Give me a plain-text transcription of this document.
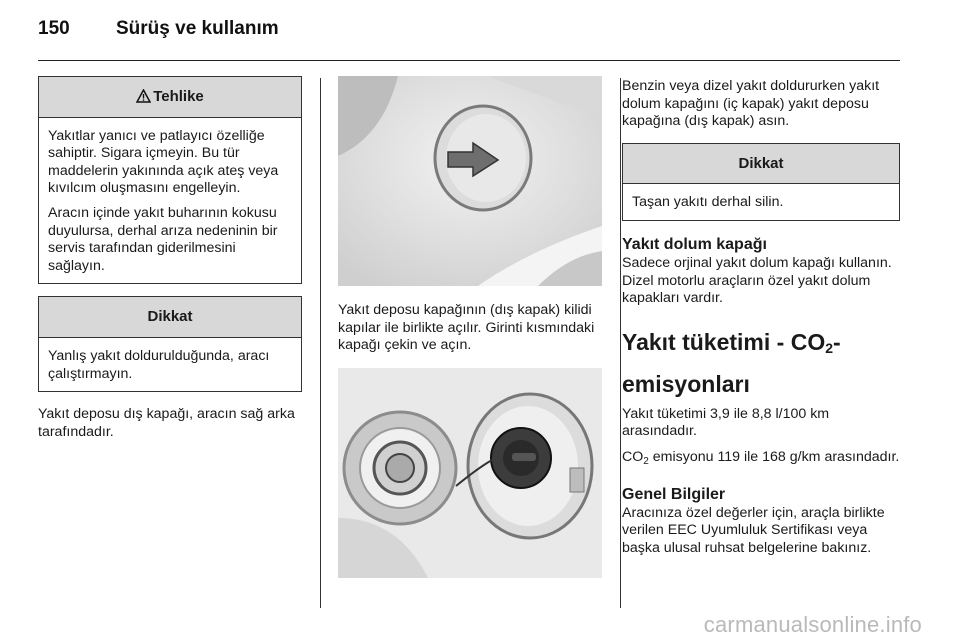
150 Sürüş ve kullanım
Tehlike

Yakıtlar yanıcı ve patlayıcı özelliğe sahiptir. Sigara içmeyin. Bu tür maddelerin yakınında açık ateş veya kıvılcım oluşmasını engelleyin.

Aracın içinde yakıt buharının kokusu duyulursa, derhal arıza nedeninin bir servis tarafından giderilmesini sağlayın.

Dikkat

Yanlış yakıt doldurulduğunda, aracı çalıştırmayın.

Yakıt deposu dış kapağı, aracın sağ arka tarafındadır.

Yakıt deposu kapağının (dış kapak) kilidi kapılar ile birlikte açılır. Girinti kısmındaki kapağı çekin ve açın.

Benzin veya dizel yakıt doldururken yakıt dolum kapağını (iç kapak) yakıt deposu kapağına (dış kapak) asın.

Dikkat

Taşan yakıtı derhal silin.

Yakıt dolum kapağı

Sadece orjinal yakıt dolum kapağı kullanın. Dizel motorlu araçların özel yakıt dolum kapakları vardır.

Yakıt tüketimi - $CO_2-$

emisyonları

Yakıt tüketimi 3,9 ile 8,8 l/100 km arasındadır.

$CO_2$ emisyonu 119 ile 168 g/km arasındadır.

Genel Bilgiler

Aracınıza özel değerler için, araçla birlikte verilen EEC Uyumluluk Sertifikası veya başka ulusal ruhsat belgelerine bakınız.

carmanualsonline.info
